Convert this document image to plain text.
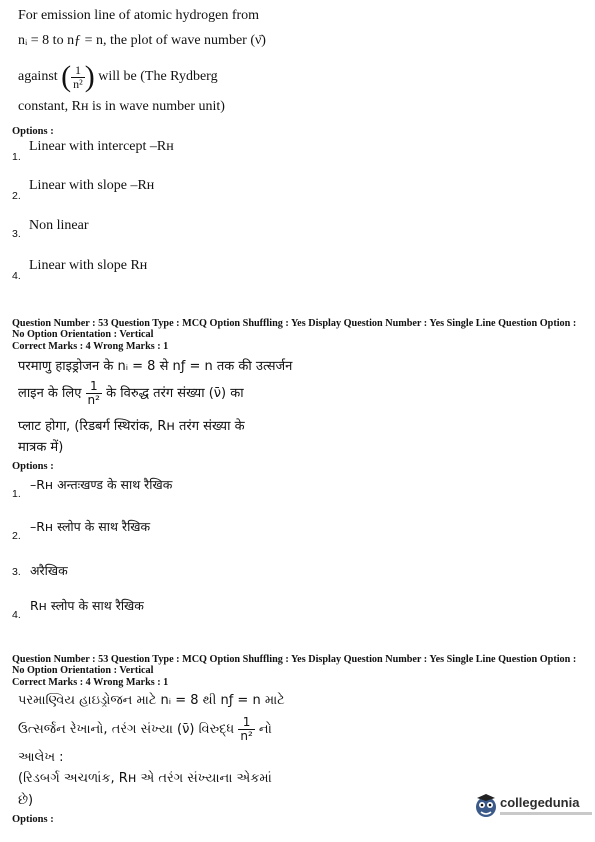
For emission line of atomic hydrogen from
nᵢ = 8 to nƒ = n, the plot of wave number (ν̄)
against ( $\frac{1}{\text{n²}}$ ) will be (The Rydberg
constant, Rʜ is in wave number unit)
Options :
1.
Linear with intercept –Rʜ
2.
Linear with slope –Rʜ
3.
Non linear
4.
Linear with slope Rʜ
Question Number : 53 Question Type : MCQ Option Shuffling : Yes Display Question Number : Yes Single Line Question Option :
No Option Orientation : Vertical
Correct Marks : 4 Wrong Marks : 1
परमाणु हाइड्रोजन के nᵢ = 8 से nƒ = n तक की उत्सर्जन
लाइन के लिए $\frac{1}{\text{n²}}$ के विरुद्ध तरंग संख्या (ν̄) का
प्लाट होगा, (रिडबर्ग स्थिरांक, Rʜ तरंग संख्या के
मात्रक में)
Options :
1.
–Rʜ अन्तःखण्ड के साथ रैखिक
2.
–Rʜ स्लोप के साथ रैखिक
3. अरैखिक
4.
Rʜ स्लोप के साथ रैखिक
Question Number : 53 Question Type : MCQ Option Shuffling : Yes Display Question Number : Yes Single Line Question Option :
No Option Orientation : Vertical
Correct Marks : 4 Wrong Marks : 1
પરમાણ્વિય હાઇડ્રોજન માટે nᵢ = 8 થી nƒ = n માટે
ઉત્સર્જન રેખાનો, તરંગ સંખ્યા (ν̄) વિરુદ્ધ $\frac{1}{\text{n²}}$ નો
આલેખ :
(રિડબર્ગ અચળાંક, Rʜ એ તરંગ સંખ્યાના એકમાં
છે)
Options :
collegedunia
